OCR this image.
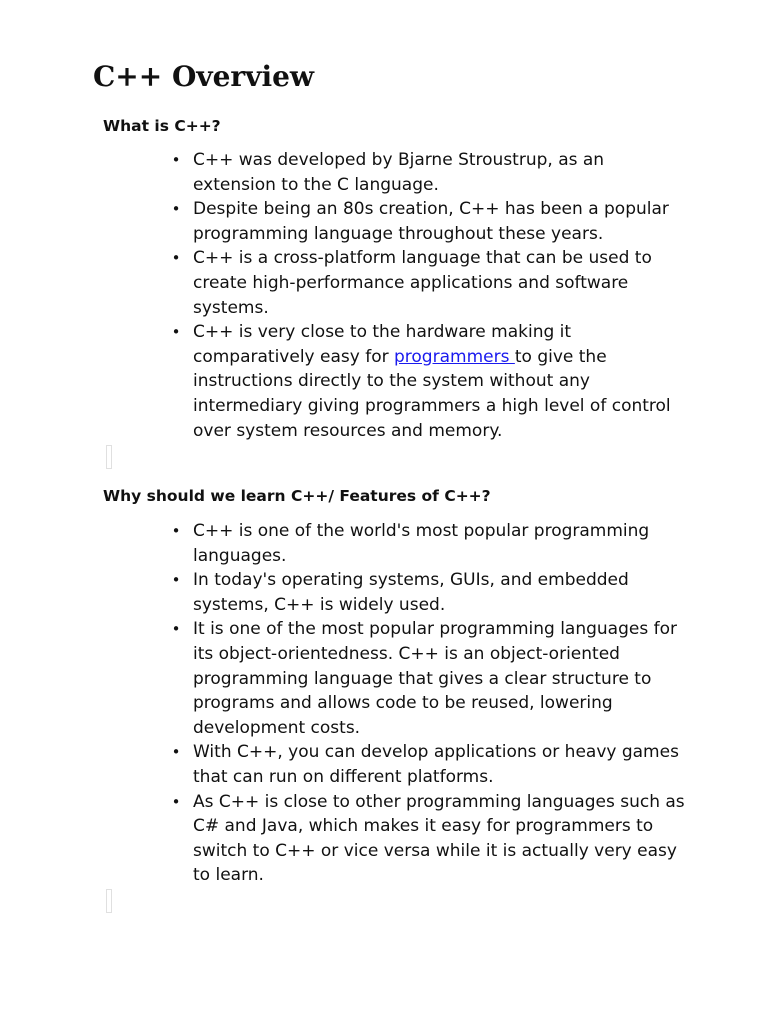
C++ Overview
What is C++?
• C++ was developed by Bjarne Stroustrup, as an extension to the C language.
• Despite being an 80s creation, C++ has been a popular programming language throughout these years.
• C++ is a cross-platform language that can be used to create high-performance applications and software systems.
• C++ is very close to the hardware making it comparatively easy for programmers to give the instructions directly to the system without any intermediary giving programmers a high level of control over system resources and memory.
Why should we learn C++/ Features of C++?
• C++ is one of the world's most popular programming languages.
• In today's operating systems, GUIs, and embedded systems, C++ is widely used.
• It is one of the most popular programming languages for its object-orientedness. C++ is an object-oriented programming language that gives a clear structure to programs and allows code to be reused, lowering development costs.
• With C++, you can develop applications or heavy games that can run on different platforms.
• As C++ is close to other programming languages such as C# and Java, which makes it easy for programmers to switch to C++ or vice versa while it is actually very easy to learn.
